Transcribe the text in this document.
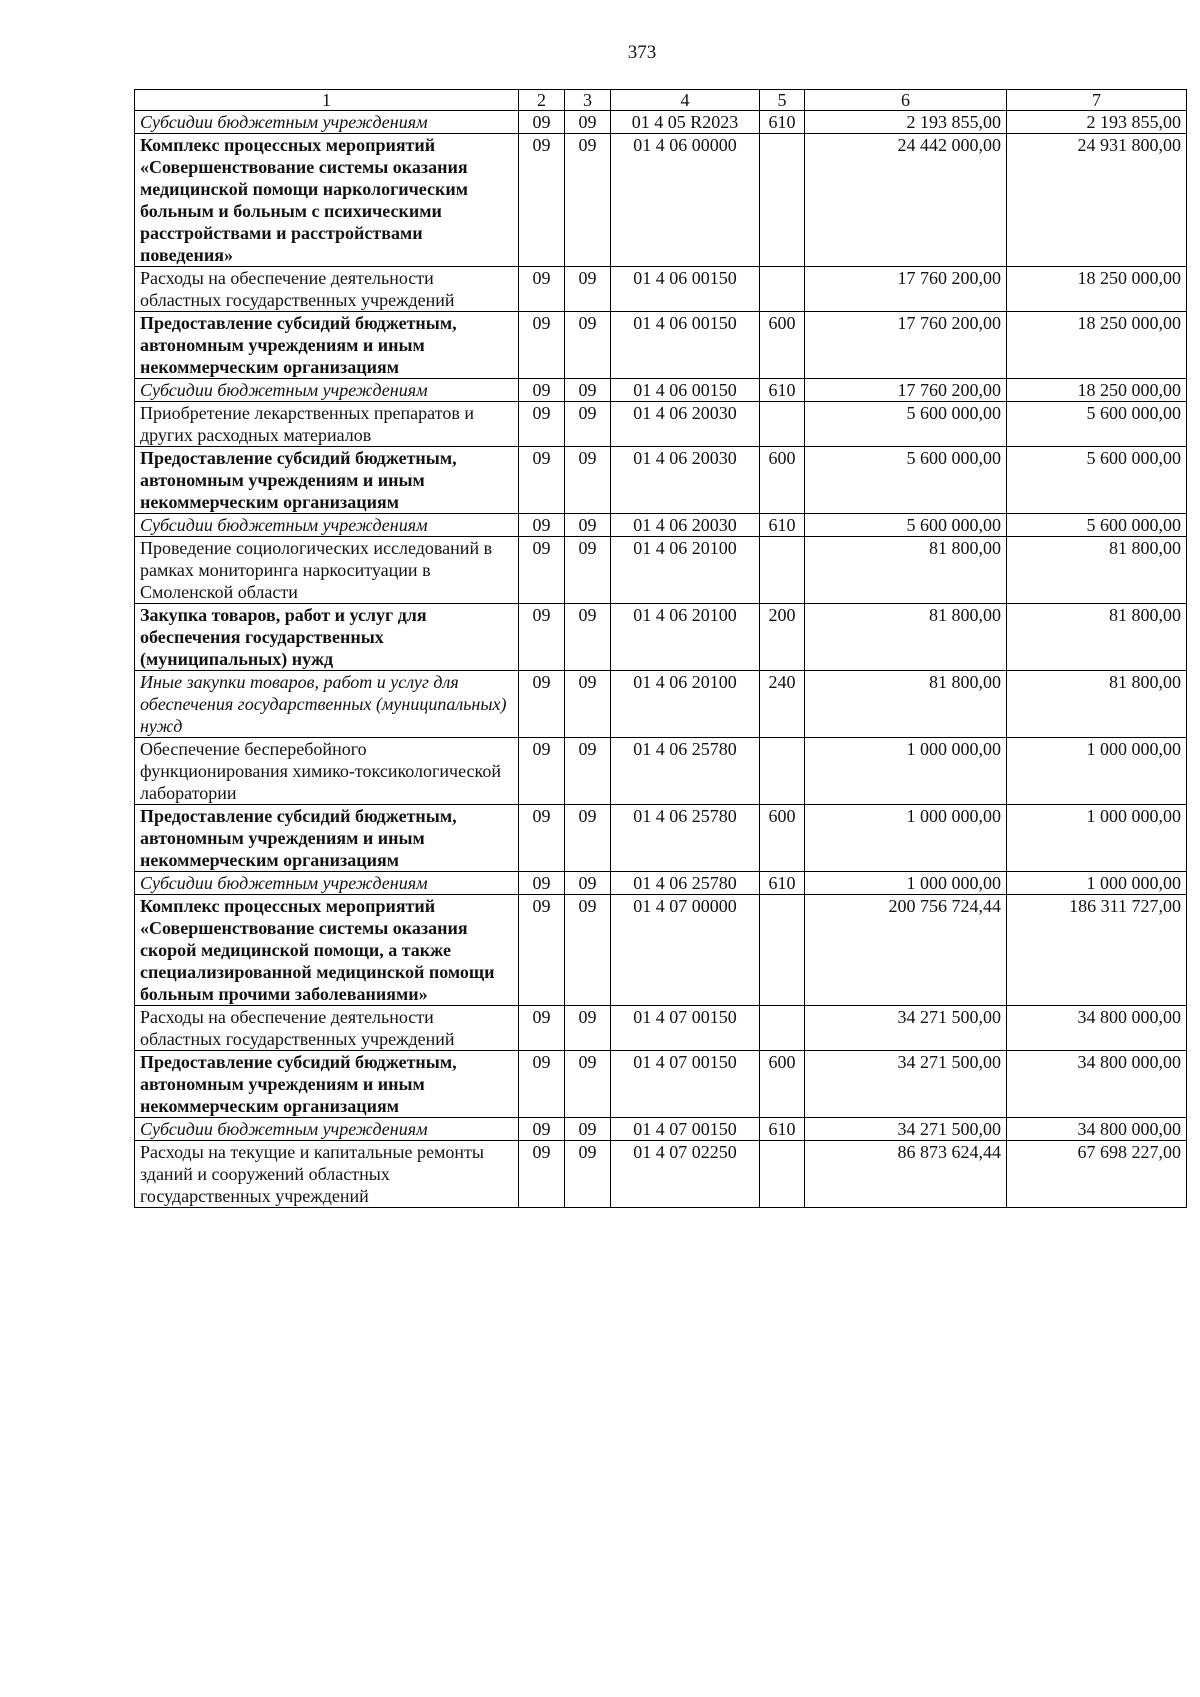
373
1	2	3	4	5	6	7
Субсидии бюджетным учреждениям	09	09	01 4 05 R2023	610	2 193 855,00	2 193 855,00
Комплекс процессных мероприятий «Совершенствование системы оказания медицинской помощи наркологическим больным и больным с психическими расстройствами и расстройствами поведения»	09	09	01 4 06 00000		24 442 000,00	24 931 800,00
Расходы на обеспечение деятельности областных государственных учреждений	09	09	01 4 06 00150		17 760 200,00	18 250 000,00
Предоставление субсидий бюджетным, автономным учреждениям и иным некоммерческим организациям	09	09	01 4 06 00150	600	17 760 200,00	18 250 000,00
Субсидии бюджетным учреждениям	09	09	01 4 06 00150	610	17 760 200,00	18 250 000,00
Приобретение лекарственных препаратов и других расходных материалов	09	09	01 4 06 20030		5 600 000,00	5 600 000,00
Предоставление субсидий бюджетным, автономным учреждениям и иным некоммерческим организациям	09	09	01 4 06 20030	600	5 600 000,00	5 600 000,00
Субсидии бюджетным учреждениям	09	09	01 4 06 20030	610	5 600 000,00	5 600 000,00
Проведение социологических исследований в рамках мониторинга наркоситуации в Смоленской области	09	09	01 4 06 20100		81 800,00	81 800,00
Закупка товаров, работ и услуг для обеспечения государственных (муниципальных) нужд	09	09	01 4 06 20100	200	81 800,00	81 800,00
Иные закупки товаров, работ и услуг для обеспечения государственных (муниципальных) нужд	09	09	01 4 06 20100	240	81 800,00	81 800,00
Обеспечение бесперебойного функционирования химико-токсикологической лаборатории	09	09	01 4 06 25780		1 000 000,00	1 000 000,00
Предоставление субсидий бюджетным, автономным учреждениям и иным некоммерческим организациям	09	09	01 4 06 25780	600	1 000 000,00	1 000 000,00
Субсидии бюджетным учреждениям	09	09	01 4 06 25780	610	1 000 000,00	1 000 000,00
Комплекс процессных мероприятий «Совершенствование системы оказания скорой медицинской помощи, а также специализированной медицинской помощи больным прочими заболеваниями»	09	09	01 4 07 00000		200 756 724,44	186 311 727,00
Расходы на обеспечение деятельности областных государственных учреждений	09	09	01 4 07 00150		34 271 500,00	34 800 000,00
Предоставление субсидий бюджетным, автономным учреждениям и иным некоммерческим организациям	09	09	01 4 07 00150	600	34 271 500,00	34 800 000,00
Субсидии бюджетным учреждениям	09	09	01 4 07 00150	610	34 271 500,00	34 800 000,00
Расходы на текущие и капитальные ремонты зданий и сооружений областных государственных учреждений	09	09	01 4 07 02250		86 873 624,44	67 698 227,00
